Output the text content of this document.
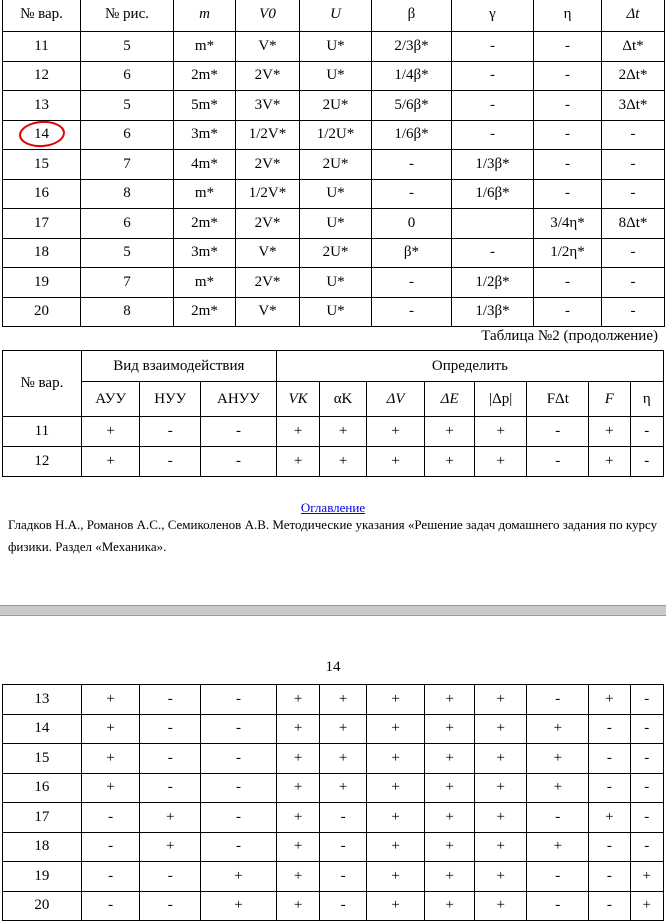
№ вар.	№ рис.	m	V0	U	β	γ	η	Δt
11	5	m*	V*	U*	2/3β*	-	-	Δt*
12	6	2m*	2V*	U*	1/4β*	-	-	2Δt*
13	5	5m*	3V*	2U*	5/6β*	-	-	3Δt*
14	6	3m*	1/2V*	1/2U*	1/6β*	-	-	-
15	7	4m*	2V*	2U*	-	1/3β*	-	-
16	8	m*	1/2V*	U*	-	1/6β*	-	-
17	6	2m*	2V*	U*	0		3/4η*	8Δt*
18	5	3m*	V*	2U*	β*	-	1/2η*	-
19	7	m*	2V*	U*	-	1/2β*	-	-
20	8	2m*	V*	U*	-	1/3β*	-	-
Таблица №2 (продолжение)
№ вар.	Вид взаимодействия			Определить							
	АУУ	НУУ	АНУУ	VK	αK	ΔV	ΔE	|Δp|	FΔt	F	η
11	+	-	-	+	+	+	+	+	-	+	-
12	+	-	-	+	+	+	+	+	-	+	-
Оглавление
Гладков Н.А., Романов А.С., Семиколенов А.В. Методические указания «Решение задач домашнего задания по курсу физики. Раздел «Механика».
14
13	+	-	-	+	+	+	+	+	-	+	-
14	+	-	-	+	+	+	+	+	+	-	-
15	+	-	-	+	+	+	+	+	+	-	-
16	+	-	-	+	+	+	+	+	+	-	-
17	-	+	-	+	-	+	+	+	-	+	-
18	-	+	-	+	-	+	+	+	+	-	-
19	-	-	+	+	-	+	+	+	-	-	+
20	-	-	+	+	-	+	+	+	-	-	+
